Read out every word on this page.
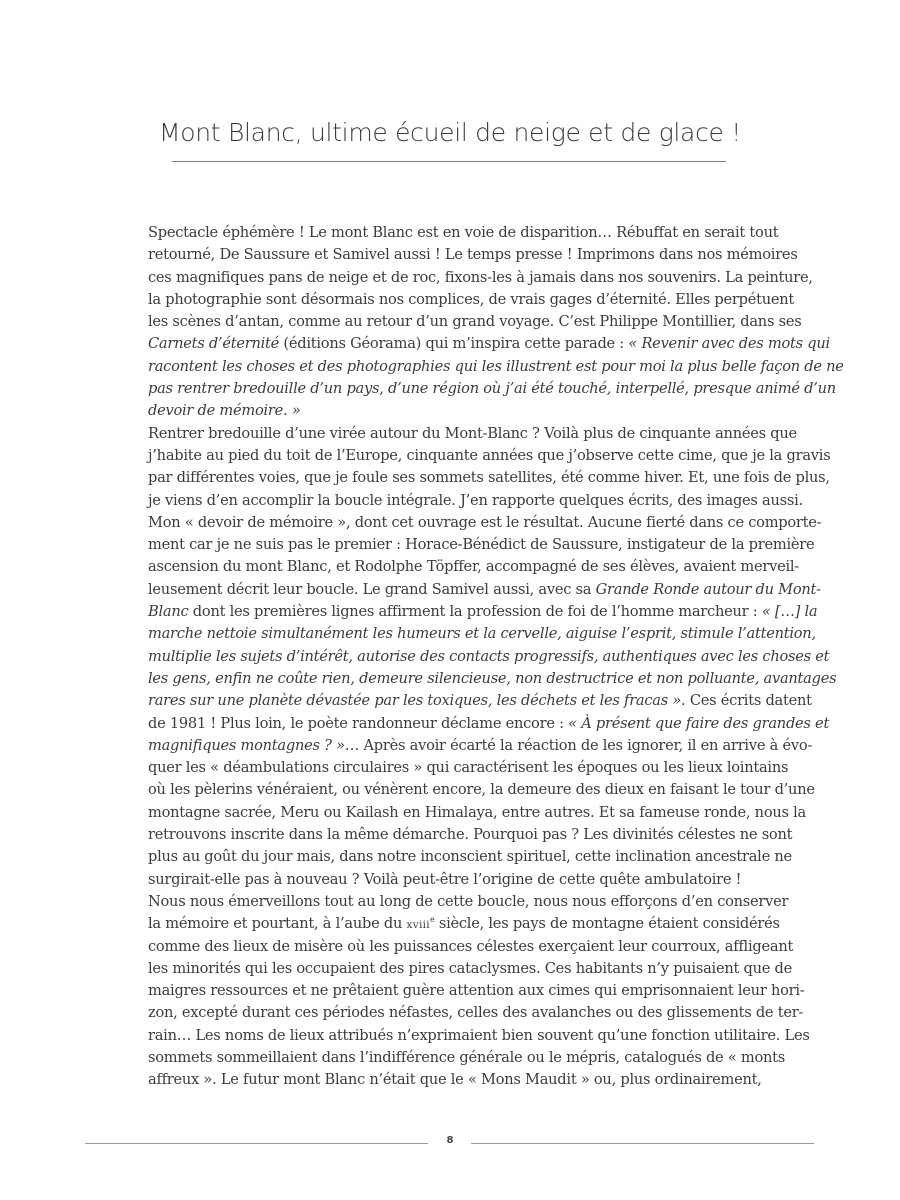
Mont Blanc, ultime écueil de neige et de glace !
Spectacle éphémère ! Le mont Blanc est en voie de disparition… Rébuffat en serait tout
retourné, De Saussure et Samivel aussi ! Le temps presse ! Imprimons dans nos mémoires
ces magnifiques pans de neige et de roc, fixons-les à jamais dans nos souvenirs. La peinture,
la photographie sont désormais nos complices, de vrais gages d’éternité. Elles perpétuent
les scènes d’antan, comme au retour d’un grand voyage. C’est Philippe Montillier, dans ses
Carnets d’éternité (éditions Géorama) qui m’inspira cette parade : « Revenir avec des mots qui
racontent les choses et des photographies qui les illustrent est pour moi la plus belle façon de ne
pas rentrer bredouille d’un pays, d’une région où j’ai été touché, interpellé, presque animé d’un
devoir de mémoire. »
Rentrer bredouille d’une virée autour du Mont-Blanc ? Voilà plus de cinquante années que
j’habite au pied du toit de l’Europe, cinquante années que j’observe cette cime, que je la gravis
par différentes voies, que je foule ses sommets satellites, été comme hiver. Et, une fois de plus,
je viens d’en accomplir la boucle intégrale. J’en rapporte quelques écrits, des images aussi.
Mon « devoir de mémoire », dont cet ouvrage est le résultat. Aucune fierté dans ce comporte-
ment car je ne suis pas le premier : Horace-Bénédict de Saussure, instigateur de la première
ascension du mont Blanc, et Rodolphe Töpffer, accompagné de ses élèves, avaient merveil-
leusement décrit leur boucle. Le grand Samivel aussi, avec sa Grande Ronde autour du Mont-
Blanc dont les premières lignes affirment la profession de foi de l’homme marcheur : « […] la
marche nettoie simultanément les humeurs et la cervelle, aiguise l’esprit, stimule l’attention,
multiplie les sujets d’intérêt, autorise des contacts progressifs, authentiques avec les choses et
les gens, enfin ne coûte rien, demeure silencieuse, non destructrice et non polluante, avantages
rares sur une planète dévastée par les toxiques, les déchets et les fracas ». Ces écrits datent
de 1981 ! Plus loin, le poète randonneur déclame encore : « À présent que faire des grandes et
magnifiques montagnes ? »… Après avoir écarté la réaction de les ignorer, il en arrive à évo-
quer les « déambulations circulaires » qui caractérisent les époques ou les lieux lointains
où les pèlerins vénéraient, ou vénèrent encore, la demeure des dieux en faisant le tour d’une
montagne sacrée, Meru ou Kailash en Himalaya, entre autres. Et sa fameuse ronde, nous la
retrouvons inscrite dans la même démarche. Pourquoi pas ? Les divinités célestes ne sont
plus au goût du jour mais, dans notre inconscient spirituel, cette inclination ancestrale ne
surgirait-elle pas à nouveau ? Voilà peut-être l’origine de cette quête ambulatoire !
Nous nous émerveillons tout au long de cette boucle, nous nous efforçons d’en conserver
la mémoire et pourtant, à l’aube du xviii$^e$ siècle, les pays de montagne étaient considérés
comme des lieux de misère où les puissances célestes exerçaient leur courroux, affligeant
les minorités qui les occupaient des pires cataclysmes. Ces habitants n’y puisaient que de
maigres ressources et ne prêtaient guère attention aux cimes qui emprisonnaient leur hori-
zon, excepté durant ces périodes néfastes, celles des avalanches ou des glissements de ter-
rain… Les noms de lieux attribués n’exprimaient bien souvent qu’une fonction utilitaire. Les
sommets sommeillaient dans l’indifférence générale ou le mépris, catalogués de « monts
affreux ». Le futur mont Blanc n’était que le « Mons Maudit » ou, plus ordinairement,
8
